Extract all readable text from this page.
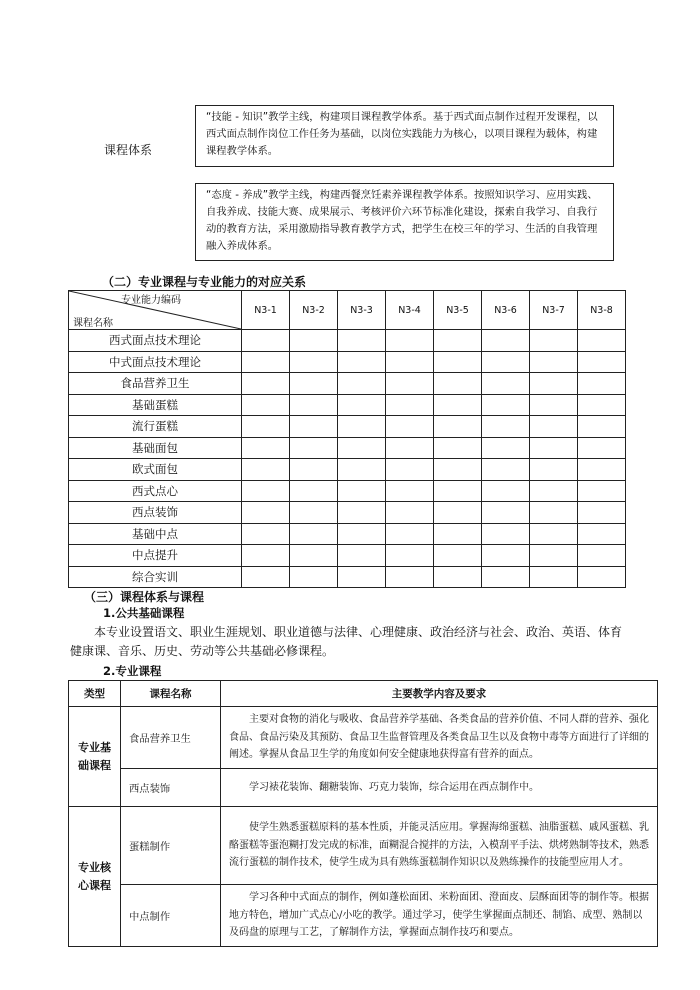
课程体系
“技能 - 知识”教学主线，构建项目课程教学体系。基于西式面点制作过程开发课程，以西式面点制作岗位工作任务为基础，以岗位实践能力为核心，以项目课程为载体，构建课程教学体系。
“态度 - 养成”教学主线，构建西餐烹饪素养课程教学体系。按照知识学习、应用实践、自我养成、技能大赛、成果展示、考核评价六环节标准化建设，探索自我学习、自我行动的教育方法，采用激励指导教育教学方式，把学生在校三年的学习、生活的自我管理融入养成体系。
（二）专业课程与专业能力的对应关系
专业能力编码
课程名称	N3-1	N3-2	N3-3	N3-4	N3-5	N3-6	N3-7	N3-8
西式面点技术理论								
中式面点技术理论								
食品营养卫生								
基础蛋糕								
流行蛋糕								
基础面包								
欧式面包								
西式点心								
西点装饰								
基础中点								
中点提升								
综合实训								
（三）课程体系与课程
1.公共基础课程
本专业设置语文、职业生涯规划、职业道德与法律、心理健康、政治经济与社会、政治、英语、体育健康课、音乐、历史、劳动等公共基础必修课程。
2.专业课程
类型	课程名称	主要教学内容及要求
专业基
础课程	食品营养卫生	主要对食物的消化与吸收、食品营养学基础、各类食品的营养价值、不同人群的营养、强化食品、食品污染及其预防、食品卫生监督管理及各类食品卫生以及食物中毒等方面进行了详细的阐述。掌握从食品卫生学的角度如何安全健康地获得富有营养的面点。
	西点装饰	学习裱花装饰、翻糖装饰、巧克力装饰，综合运用在西点制作中。
专业核
心课程	蛋糕制作	使学生熟悉蛋糕原料的基本性质，并能灵活应用。掌握海绵蛋糕、油脂蛋糕、戚风蛋糕、乳酪蛋糕等蛋泡糊打发完成的标准，面糊混合搅拌的方法，入模刮平手法、烘烤熟制等技术，熟悉流行蛋糕的制作技术，使学生成为具有熟练蛋糕制作知识以及熟练操作的技能型应用人才。
	中点制作	学习各种中式面点的制作，例如蓬松面团、米粉面团、澄面皮、层酥面团等的制作等。根据地方特色，增加广式点心/小吃的教学。通过学习，使学生掌握面点制还、制馅、成型、熟制以及码盘的原理与工艺，了解制作方法，掌握面点制作技巧和要点。
